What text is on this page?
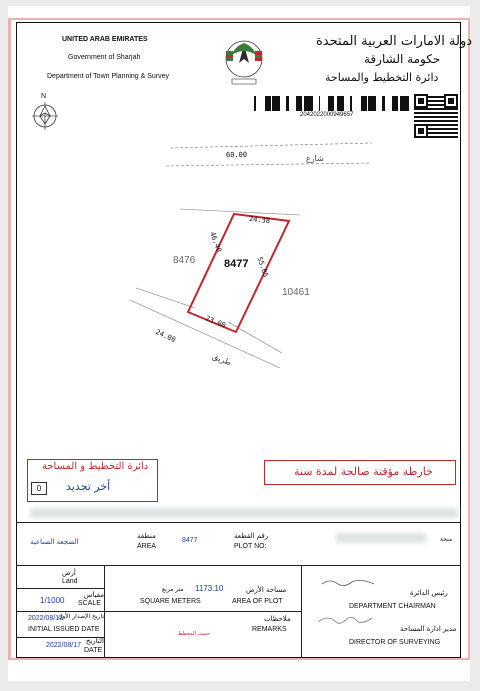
UNITED ARAB EMIRATES
Government of Sharjah
Department of Town Planning & Survey
دولة الامارات العربية المتحدة
حكومة الشارقة
دائرة التخطيط والمساحة
2042022000949657
N
60.00	شارع
8477
8476
10461
24.38
46.40
55.05
23.00
24.00
طريق
دائرة التخطيط و المساحة
0	أخر تجديد
خارطة مؤقتة صالحة لمدة سنة
الصجعة الصناعية
منطقة
AREA
8477
رقم القطعة
PLOT NO:
منحة
أرض
Land
1/1000
مقياس
SCALE
2022/08/15
تاريخ الإصدار الأول
INITIAL ISSUED DATE
2022/08/17
التاريخ
DATE
1173.10
متر مربع
SQUARE METERS
مساحة الأرض
AREA OF PLOT
ملاحظات
REMARKS
حسب المخطط
رئيس الدائرة
DEPARTMENT CHAIRMAN
مدير ادارة المساحة
DIRECTOR OF SURVEYING
